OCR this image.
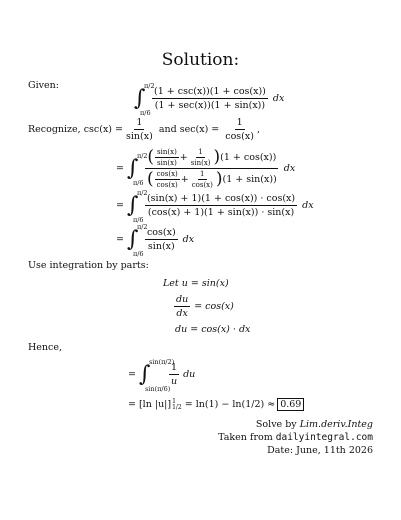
Solution:
Given:	∫
π/2
π/6
$\frac{(1 + \csc(x))(1 + \cos(x))}{(1 + \sec(x))(1 + \sin(x))}$ dx
Recognize, $\csc(x) = \frac{1}{\sin(x)}$ and $\sec(x) = \frac{1}{\cos(x)}$ ,
= ∫
π/2
π/6
( $\frac{\sin(x)}{\sin(x)} + \frac{1}{\sin(x)}$ ) (1 + cos(x))
( $\frac{\cos(x)}{\cos(x)} + \frac{1}{\cos(x)}$ ) (1 + sin(x))
dx
= ∫
π/2
π/6
$\frac{(\sin(x) + 1)(1 + \cos(x)) \cdot \cos(x)}{(\cos(x) + 1)(1 + \sin(x)) \cdot \sin(x)}$ dx
= ∫
π/2
π/6
$\frac{\cos(x)}{\sin(x)}$ dx
Use integration by parts:
Let u = sin(x)
$\frac{du}{dx} = \cos(x)$
du = cos(x) · dx
Hence,
= ∫
sin(π/2)
sin(π/6)
$\frac{1}{u}$ du
= [ln |u|] 1
1/2 = ln(1) − ln(1/2) ≈ 0.69
Solve by Lim.deriv.Integ
Taken from dailyintegral.com
Date: June, 11th 2026
